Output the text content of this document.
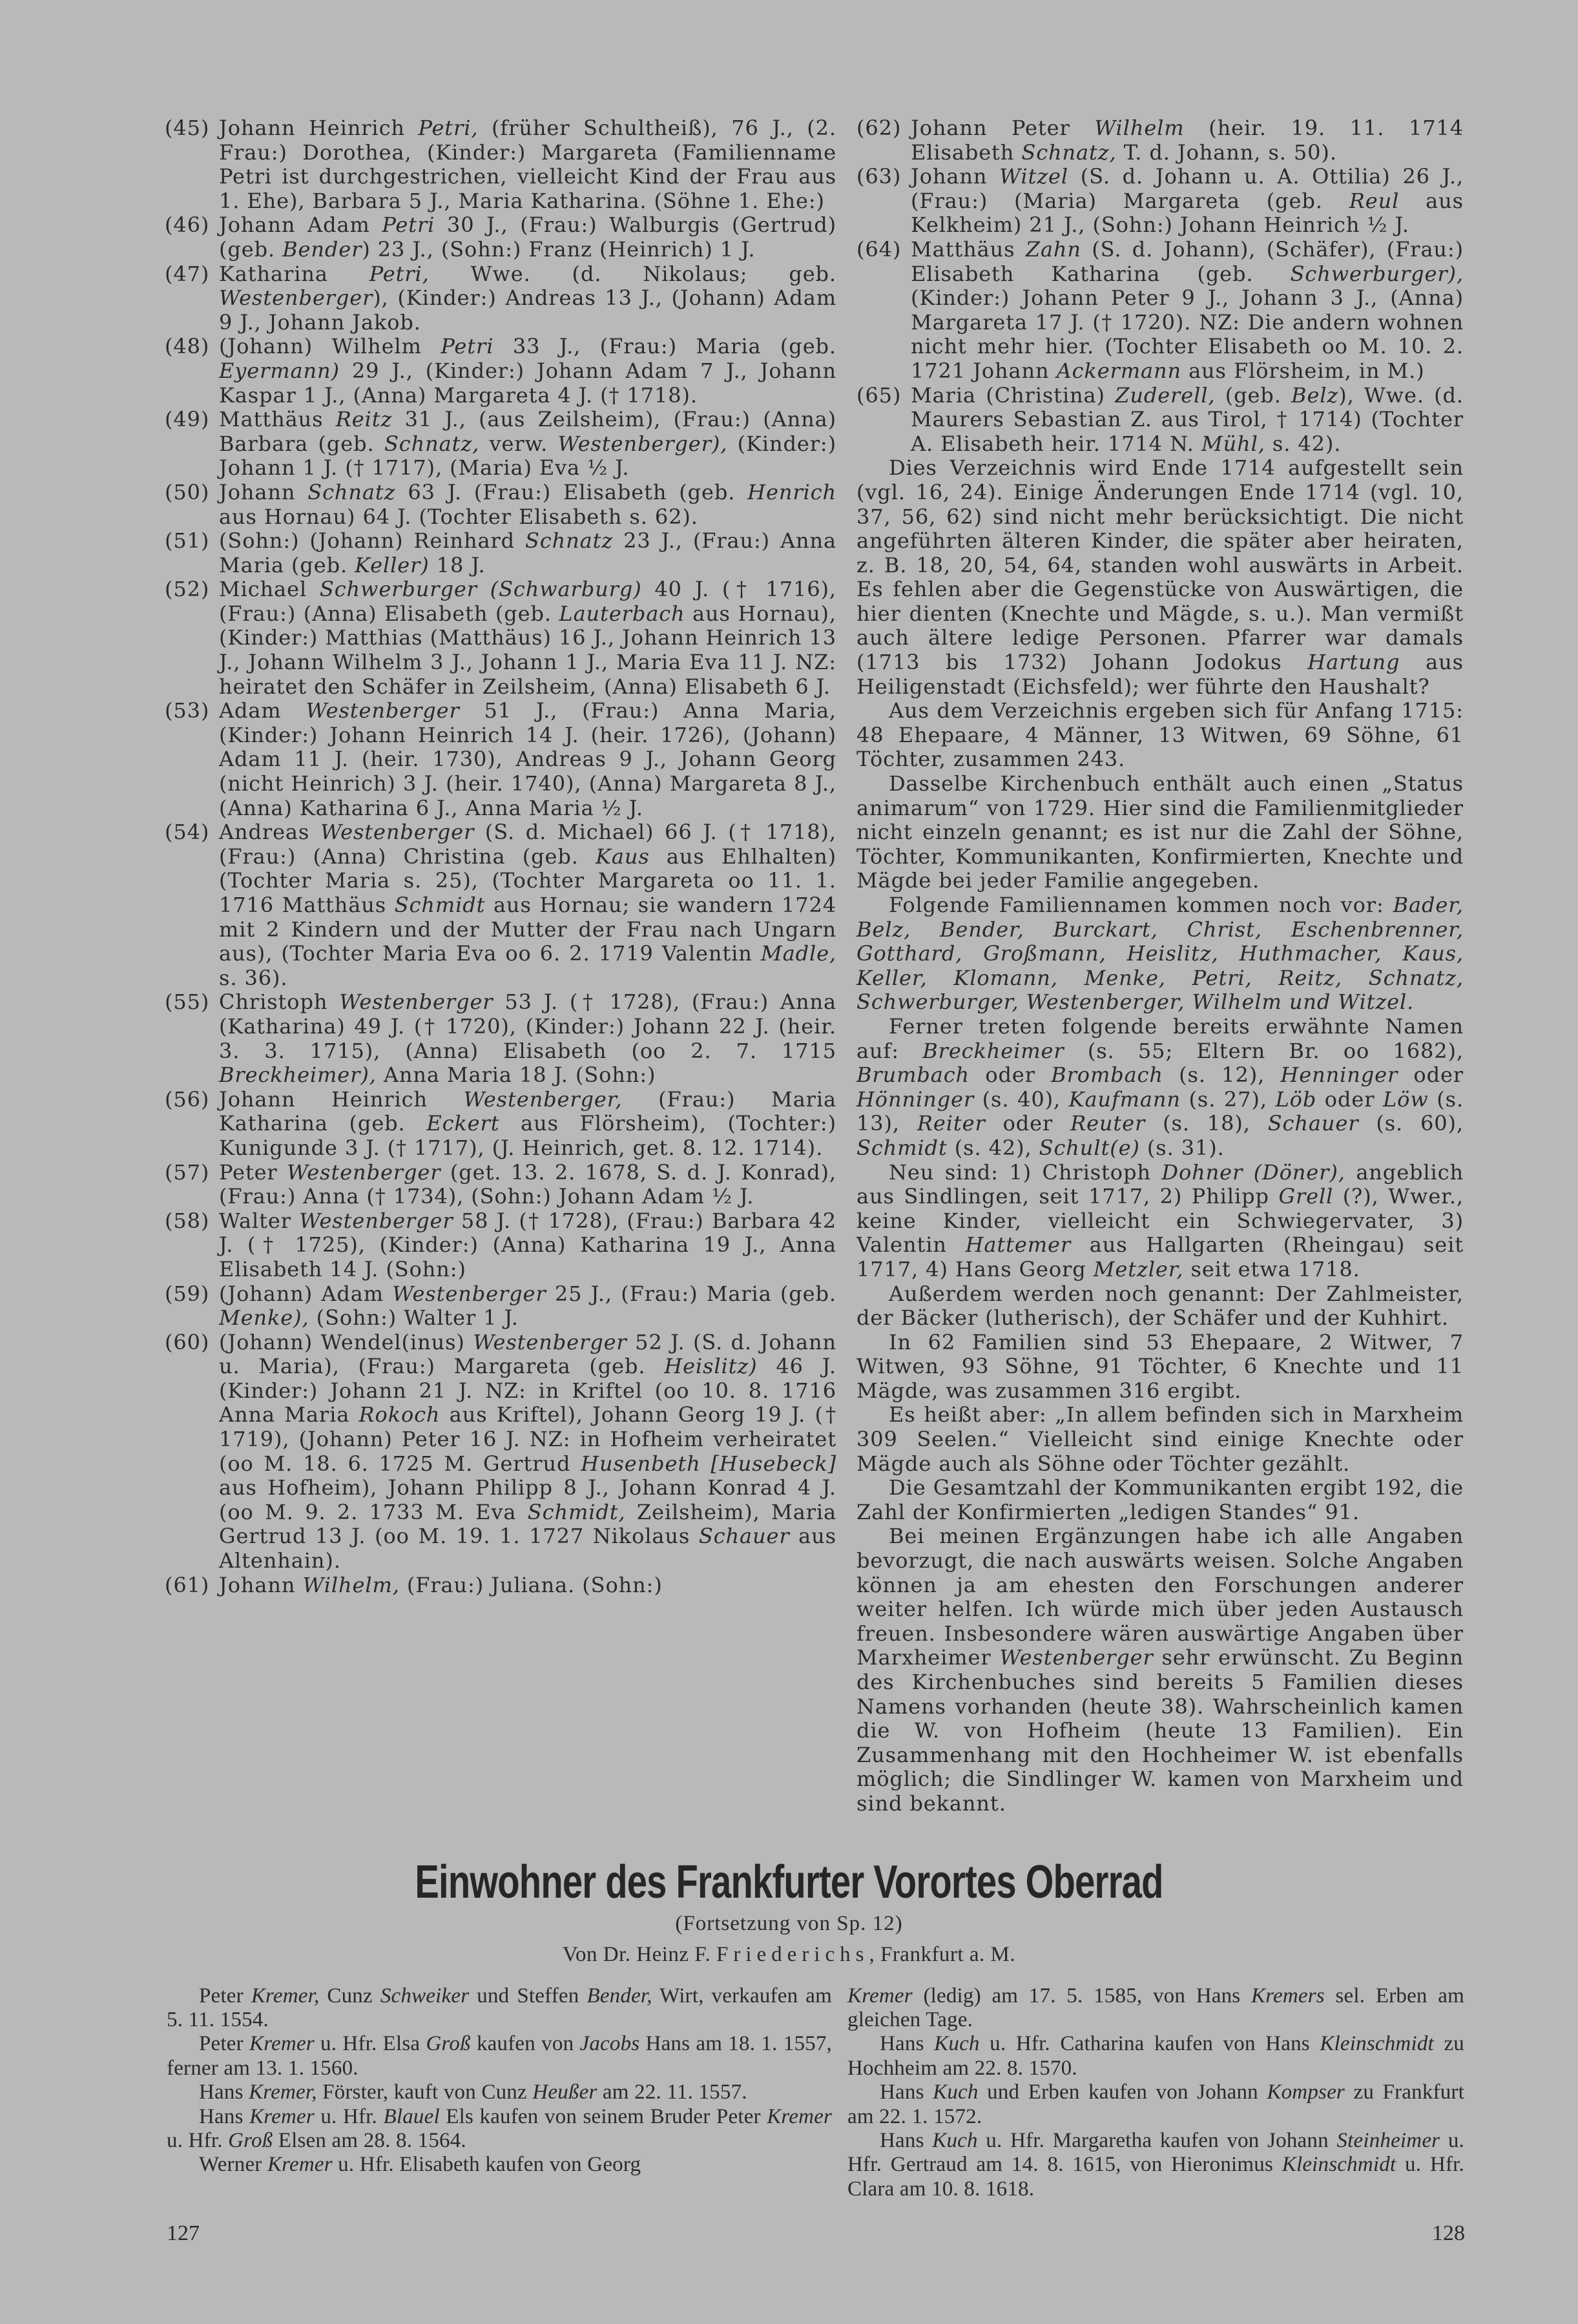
(45) Johann Heinrich Petri, (früher Schultheiß), 76 J., (2. Frau:) Dorothea, (Kinder:) Margareta (Familienname Petri ist durchgestrichen, vielleicht Kind der Frau aus 1. Ehe), Barbara 5 J., Maria Katharina. (Söhne 1. Ehe:)

(46) Johann Adam Petri 30 J., (Frau:) Walburgis (Gertrud) (geb. Bender) 23 J., (Sohn:) Franz (Heinrich) 1 J.

(47) Katharina Petri, Wwe. (d. Nikolaus; geb. Westenberger), (Kinder:) Andreas 13 J., (Johann) Adam 9 J., Johann Jakob.

(48) (Johann) Wilhelm Petri 33 J., (Frau:) Maria (geb. Eyermann) 29 J., (Kinder:) Johann Adam 7 J., Johann Kaspar 1 J., (Anna) Margareta 4 J. († 1718).

(49) Matthäus Reitz 31 J., (aus Zeilsheim), (Frau:) (Anna) Barbara (geb. Schnatz, verw. Westenberger), (Kinder:) Johann 1 J. († 1717), (Maria) Eva ½ J.

(50) Johann Schnatz 63 J. (Frau:) Elisabeth (geb. Henrich aus Hornau) 64 J. (Tochter Elisabeth s. 62).

(51) (Sohn:) (Johann) Reinhard Schnatz 23 J., (Frau:) Anna Maria (geb. Keller) 18 J.

(52) Michael Schwerburger (Schwarburg) 40 J. († 1716), (Frau:) (Anna) Elisabeth (geb. Lauterbach aus Hornau), (Kinder:) Matthias (Matthäus) 16 J., Johann Heinrich 13 J., Johann Wilhelm 3 J., Johann 1 J., Maria Eva 11 J. NZ: heiratet den Schäfer in Zeilsheim, (Anna) Elisabeth 6 J.

(53) Adam Westenberger 51 J., (Frau:) Anna Maria, (Kinder:) Johann Heinrich 14 J. (heir. 1726), (Johann) Adam 11 J. (heir. 1730), Andreas 9 J., Johann Georg (nicht Heinrich) 3 J. (heir. 1740), (Anna) Margareta 8 J., (Anna) Katharina 6 J., Anna Maria ½ J.

(54) Andreas Westenberger (S. d. Michael) 66 J. († 1718), (Frau:) (Anna) Christina (geb. Kaus aus Ehlhalten) (Tochter Maria s. 25), (Tochter Margareta oo 11. 1. 1716 Matthäus Schmidt aus Hornau; sie wandern 1724 mit 2 Kindern und der Mutter der Frau nach Ungarn aus), (Tochter Maria Eva oo 6. 2. 1719 Valentin Madle, s. 36).

(55) Christoph Westenberger 53 J. († 1728), (Frau:) Anna (Katharina) 49 J. († 1720), (Kinder:) Johann 22 J. (heir. 3. 3. 1715), (Anna) Elisabeth (oo 2. 7. 1715 Breckheimer), Anna Maria 18 J. (Sohn:)

(56) Johann Heinrich Westenberger, (Frau:) Maria Katharina (geb. Eckert aus Flörsheim), (Tochter:) Kunigunde 3 J. († 1717), (J. Heinrich, get. 8. 12. 1714).

(57) Peter Westenberger (get. 13. 2. 1678, S. d. J. Konrad), (Frau:) Anna († 1734), (Sohn:) Johann Adam ½ J.

(58) Walter Westenberger 58 J. († 1728), (Frau:) Barbara 42 J. († 1725), (Kinder:) (Anna) Katharina 19 J., Anna Elisabeth 14 J. (Sohn:)

(59) (Johann) Adam Westenberger 25 J., (Frau:) Maria (geb. Menke), (Sohn:) Walter 1 J.

(60) (Johann) Wendel(inus) Westenberger 52 J. (S. d. Johann u. Maria), (Frau:) Margareta (geb. Heislitz) 46 J. (Kinder:) Johann 21 J. NZ: in Kriftel (oo 10. 8. 1716 Anna Maria Rokoch aus Kriftel), Johann Georg 19 J. († 1719), (Johann) Peter 16 J. NZ: in Hofheim verheiratet (oo M. 18. 6. 1725 M. Gertrud Husenbeth [Husebeck] aus Hofheim), Johann Philipp 8 J., Johann Konrad 4 J. (oo M. 9. 2. 1733 M. Eva Schmidt, Zeilsheim), Maria Gertrud 13 J. (oo M. 19. 1. 1727 Nikolaus Schauer aus Altenhain).

(61) Johann Wilhelm, (Frau:) Juliana. (Sohn:)

(62) Johann Peter Wilhelm (heir. 19. 11. 1714 Elisabeth Schnatz, T. d. Johann, s. 50).

(63) Johann Witzel (S. d. Johann u. A. Ottilia) 26 J., (Frau:) (Maria) Margareta (geb. Reul aus Kelkheim) 21 J., (Sohn:) Johann Heinrich ½ J.

(64) Matthäus Zahn (S. d. Johann), (Schäfer), (Frau:) Elisabeth Katharina (geb. Schwerburger), (Kinder:) Johann Peter 9 J., Johann 3 J., (Anna) Margareta 17 J. († 1720). NZ: Die andern wohnen nicht mehr hier. (Tochter Elisabeth oo M. 10. 2. 1721 Johann Ackermann aus Flörsheim, in M.)

(65) Maria (Christina) Zuderell, (geb. Belz), Wwe. (d. Maurers Sebastian Z. aus Tirol, † 1714) (Tochter A. Elisabeth heir. 1714 N. Mühl, s. 42).

Dies Verzeichnis wird Ende 1714 aufgestellt sein (vgl. 16, 24). Einige Änderungen Ende 1714 (vgl. 10, 37, 56, 62) sind nicht mehr berücksichtigt. Die nicht angeführten älteren Kinder, die später aber heiraten, z. B. 18, 20, 54, 64, standen wohl auswärts in Arbeit. Es fehlen aber die Gegenstücke von Auswärtigen, die hier dienten (Knechte und Mägde, s. u.). Man vermißt auch ältere ledige Personen. Pfarrer war damals (1713 bis 1732) Johann Jodokus Hartung aus Heiligenstadt (Eichsfeld); wer führte den Haushalt?

Aus dem Verzeichnis ergeben sich für Anfang 1715: 48 Ehepaare, 4 Männer, 13 Witwen, 69 Söhne, 61 Töchter, zusammen 243.

Dasselbe Kirchenbuch enthält auch einen „Status animarum“ von 1729. Hier sind die Familienmitglieder nicht einzeln genannt; es ist nur die Zahl der Söhne, Töchter, Kommunikanten, Konfirmierten, Knechte und Mägde bei jeder Familie angegeben.

Folgende Familiennamen kommen noch vor: Bader, Belz, Bender, Burckart, Christ, Eschenbrenner, Gotthard, Großmann, Heislitz, Huthmacher, Kaus, Keller, Klomann, Menke, Petri, Reitz, Schnatz, Schwerburger, Westenberger, Wilhelm und Witzel.

Ferner treten folgende bereits erwähnte Namen auf: Breckheimer (s. 55; Eltern Br. oo 1682), Brumbach oder Brombach (s. 12), Henninger oder Hönninger (s. 40), Kaufmann (s. 27), Löb oder Löw (s. 13), Reiter oder Reuter (s. 18), Schauer (s. 60), Schmidt (s. 42), Schult(e) (s. 31).

Neu sind: 1) Christoph Dohner (Döner), angeblich aus Sindlingen, seit 1717, 2) Philipp Grell (?), Wwer., keine Kinder, vielleicht ein Schwiegervater, 3) Valentin Hattemer aus Hallgarten (Rheingau) seit 1717, 4) Hans Georg Metzler, seit etwa 1718.

Außerdem werden noch genannt: Der Zahlmeister, der Bäcker (lutherisch), der Schäfer und der Kuhhirt.

In 62 Familien sind 53 Ehepaare, 2 Witwer, 7 Witwen, 93 Söhne, 91 Töchter, 6 Knechte und 11 Mägde, was zusammen 316 ergibt.

Es heißt aber: „In allem befinden sich in Marxheim 309 Seelen.“ Vielleicht sind einige Knechte oder Mägde auch als Söhne oder Töchter gezählt.

Die Gesamtzahl der Kommunikanten ergibt 192, die Zahl der Konfirmierten „ledigen Standes“ 91.

Bei meinen Ergänzungen habe ich alle Angaben bevorzugt, die nach auswärts weisen. Solche Angaben können ja am ehesten den Forschungen anderer weiter helfen. Ich würde mich über jeden Austausch freuen. Insbesondere wären auswärtige Angaben über Marxheimer Westenberger sehr erwünscht. Zu Beginn des Kirchenbuches sind bereits 5 Familien dieses Namens vorhanden (heute 38). Wahrscheinlich kamen die W. von Hofheim (heute 13 Familien). Ein Zusammenhang mit den Hochheimer W. ist ebenfalls möglich; die Sindlinger W. kamen von Marxheim und sind bekannt.

Einwohner des Frankfurter Vorortes Oberrad
(Fortsetzung von Sp. 12)
Von Dr. Heinz F. Friederichs, Frankfurt a. M.

Peter Kremer, Cunz Schweiker und Steffen Bender, Wirt, verkaufen am 5. 11. 1554.

Peter Kremer u. Hfr. Elsa Groß kaufen von Jacobs Hans am 18. 1. 1557, ferner am 13. 1. 1560.

Hans Kremer, Förster, kauft von Cunz Heußer am 22. 11. 1557.

Hans Kremer u. Hfr. Blauel Els kaufen von seinem Bruder Peter Kremer u. Hfr. Groß Elsen am 28. 8. 1564.

Werner Kremer u. Hfr. Elisabeth kaufen von Georg

Kremer (ledig) am 17. 5. 1585, von Hans Kremers sel. Erben am gleichen Tage.

Hans Kuch u. Hfr. Catharina kaufen von Hans Kleinschmidt zu Hochheim am 22. 8. 1570.

Hans Kuch und Erben kaufen von Johann Kompser zu Frankfurt am 22. 1. 1572.

Hans Kuch u. Hfr. Margaretha kaufen von Johann Steinheimer u. Hfr. Gertraud am 14. 8. 1615, von Hieronimus Kleinschmidt u. Hfr. Clara am 10. 8. 1618.

127	128
